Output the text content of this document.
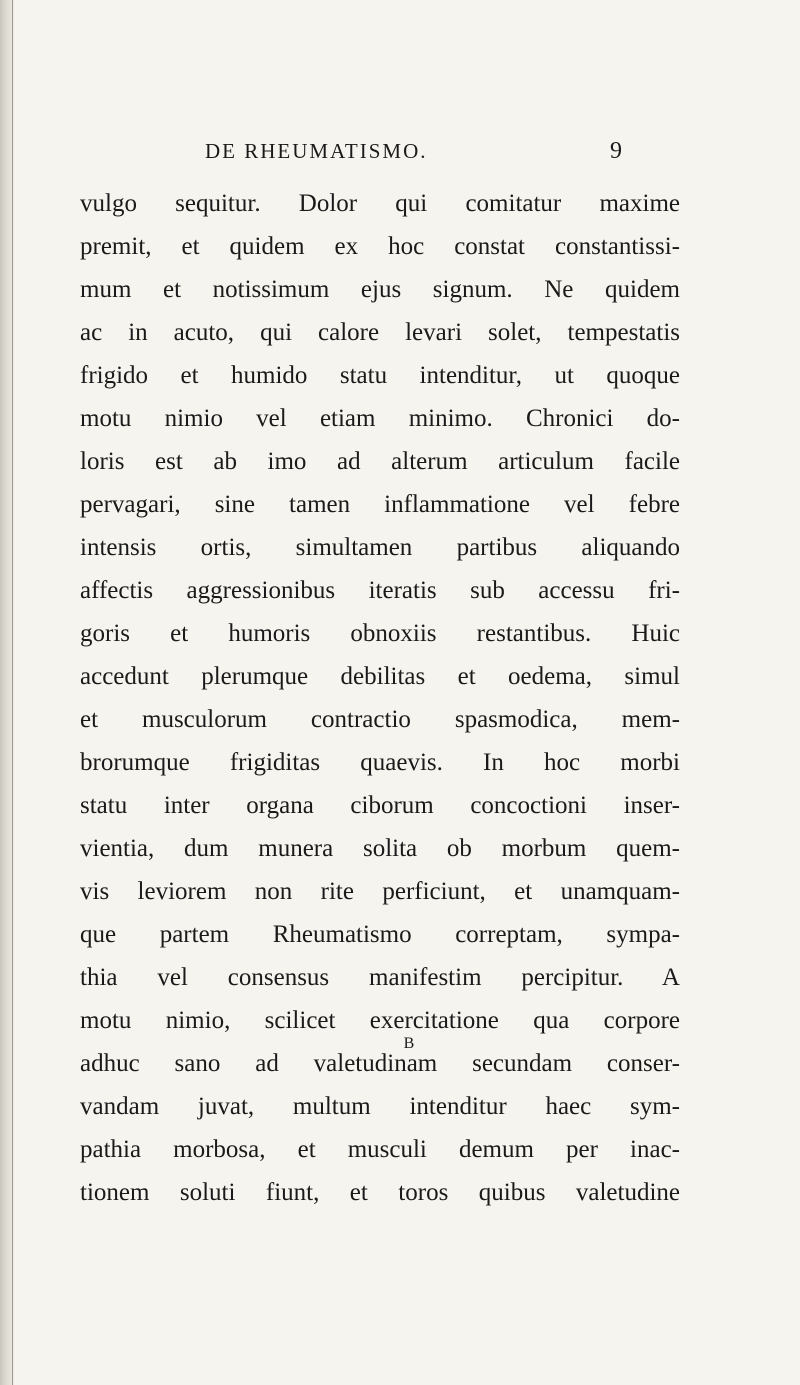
DE RHEUMATISMO.	9
vulgo sequitur. Dolor qui comitatur maxime
premit, et quidem ex hoc constat constantissi-
mum et notissimum ejus signum. Ne quidem
ac in acuto, qui calore levari solet, tempestatis
frigido et humido statu intenditur, ut quoque
motu nimio vel etiam minimo. Chronici do-
loris est ab imo ad alterum articulum facile
pervagari, sine tamen inflammatione vel febre
intensis ortis, simultamen partibus aliquando
affectis aggressionibus iteratis sub accessu fri-
goris et humoris obnoxiis restantibus. Huic
accedunt plerumque debilitas et oedema, simul
et musculorum contractio spasmodica, mem-
brorumque frigiditas quaevis. In hoc morbi
statu inter organa ciborum concoctioni inser-
vientia, dum munera solita ob morbum quem-
vis leviorem non rite perficiunt, et unamquam-
que partem Rheumatismo correptam, sympa-
thia vel consensus manifestim percipitur. A
motu nimio, scilicet exercitatione qua corpore
adhuc sano ad valetudinam secundam conser-
vandam juvat, multum intenditur haec sym-
pathia morbosa, et musculi demum per inac-
tionem soluti fiunt, et toros quibus valetudine
B
